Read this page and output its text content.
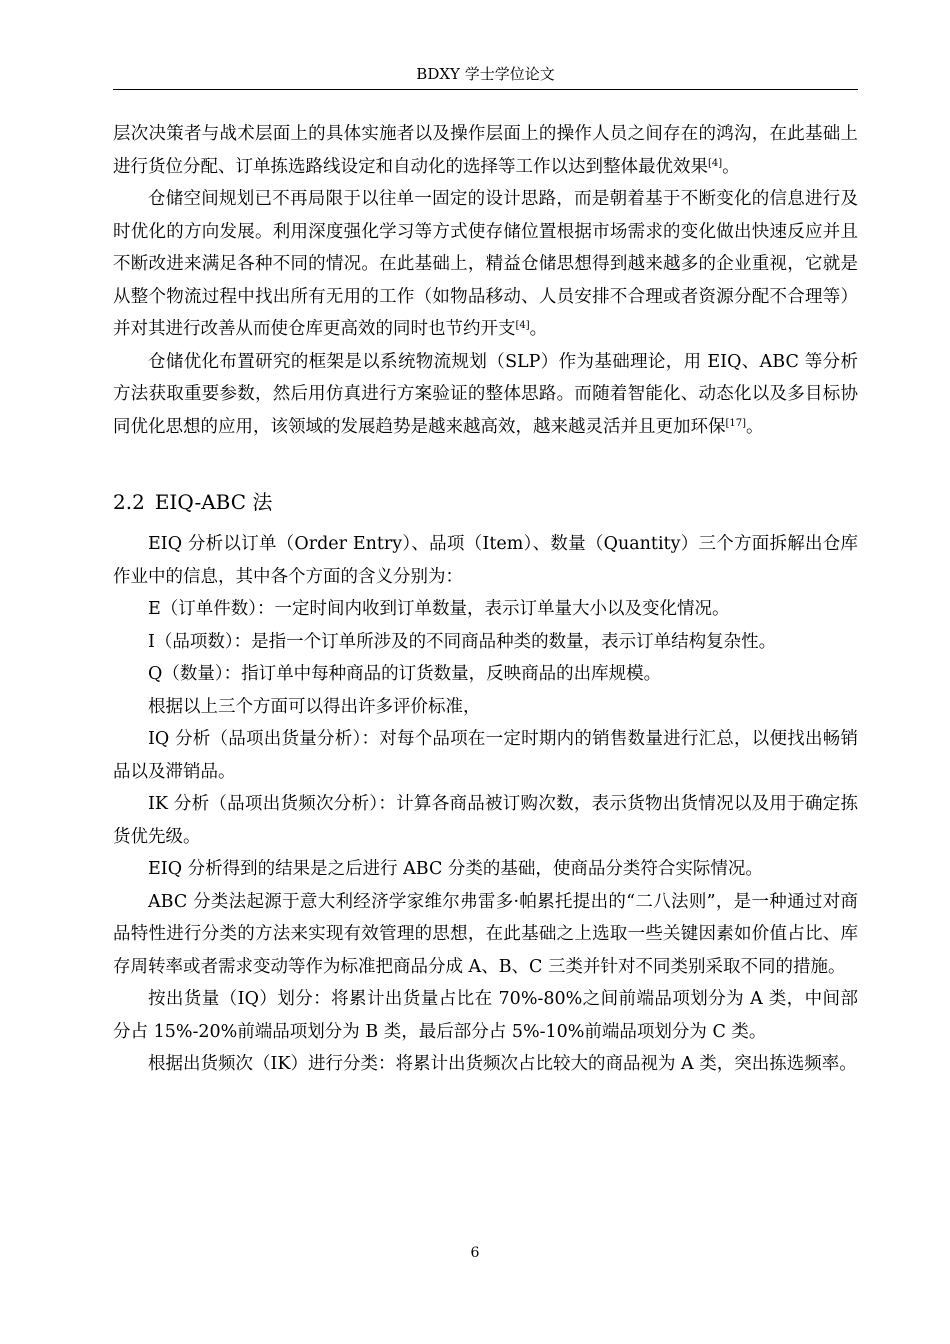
BDXY 学士学位论文

层次决策者与战术层面上的具体实施者以及操作层面上的操作人员之间存在的鸿沟，在此基础上进行货位分配、订单拣选路线设定和自动化的选择等工作以达到整体最优效果[4]。

仓储空间规划已不再局限于以往单一固定的设计思路，而是朝着基于不断变化的信息进行及时优化的方向发展。利用深度强化学习等方式使存储位置根据市场需求的变化做出快速反应并且不断改进来满足各种不同的情况。在此基础上，精益仓储思想得到越来越多的企业重视，它就是从整个物流过程中找出所有无用的工作（如物品移动、人员安排不合理或者资源分配不合理等）并对其进行改善从而使仓库更高效的同时也节约开支[4]。

仓储优化布置研究的框架是以系统物流规划（SLP）作为基础理论，用 EIQ、ABC 等分析方法获取重要参数，然后用仿真进行方案验证的整体思路。而随着智能化、动态化以及多目标协同优化思想的应用，该领域的发展趋势是越来越高效，越来越灵活并且更加环保[17]。

2.2 EIQ-ABC 法

EIQ 分析以订单（Order Entry）、品项（Item）、数量（Quantity）三个方面拆解出仓库作业中的信息，其中各个方面的含义分别为：

E（订单件数）：一定时间内收到订单数量，表示订单量大小以及变化情况。

I（品项数）：是指一个订单所涉及的不同商品种类的数量，表示订单结构复杂性。

Q（数量）：指订单中每种商品的订货数量，反映商品的出库规模。

根据以上三个方面可以得出许多评价标准，

IQ 分析（品项出货量分析）：对每个品项在一定时期内的销售数量进行汇总，以便找出畅销品以及滞销品。

IK 分析（品项出货频次分析）：计算各商品被订购次数，表示货物出货情况以及用于确定拣货优先级。

EIQ 分析得到的结果是之后进行 ABC 分类的基础，使商品分类符合实际情况。

ABC 分类法起源于意大利经济学家维尔弗雷多·帕累托提出的“二八法则”，是一种通过对商品特性进行分类的方法来实现有效管理的思想，在此基础之上选取一些关键因素如价值占比、库存周转率或者需求变动等作为标准把商品分成 A、B、C 三类并针对不同类别采取不同的措施。

按出货量（IQ）划分：将累计出货量占比在 70%-80%之间前端品项划分为 A 类，中间部分占 15%-20%前端品项划分为 B 类，最后部分占 5%-10%前端品项划分为 C 类。

根据出货频次（IK）进行分类：将累计出货频次占比较大的商品视为 A 类，突出拣选频率。

6
